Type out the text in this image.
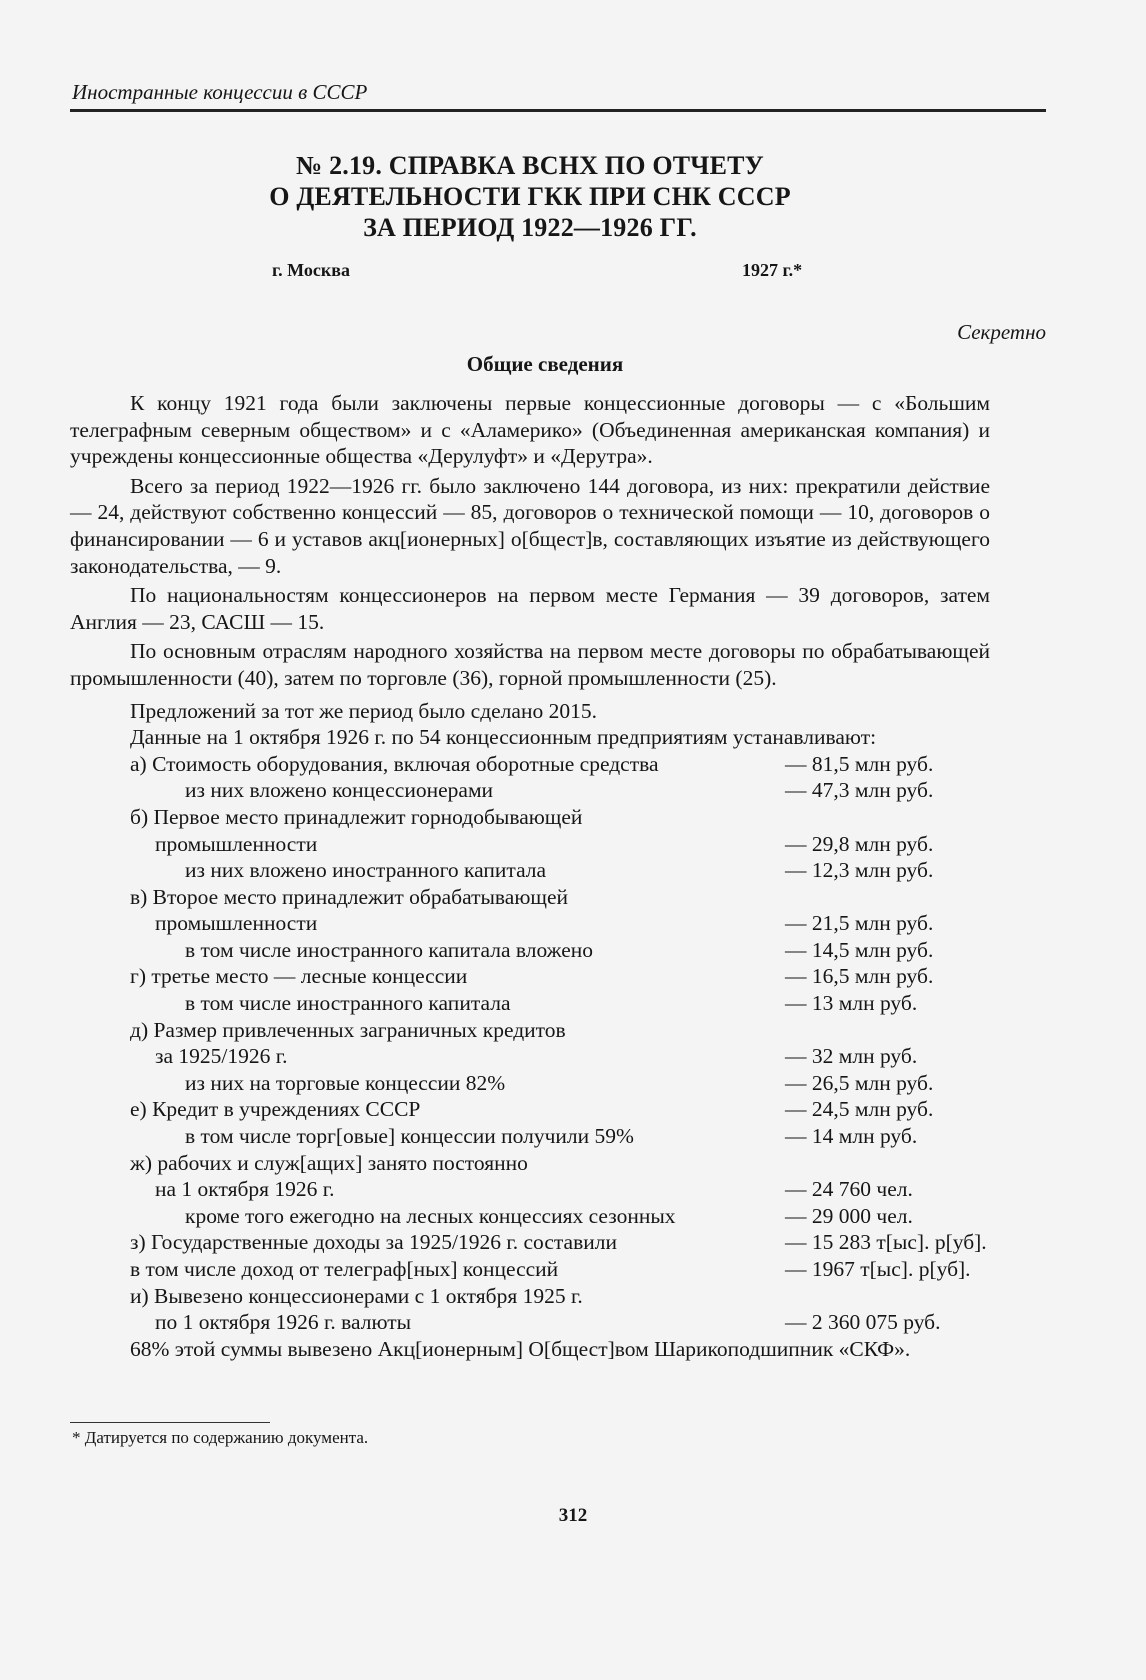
Иностранные концессии в СССР
№ 2.19. СПРАВКА ВСНХ ПО ОТЧЕТУ
О ДЕЯТЕЛЬНОСТИ ГКК ПРИ СНК СССР
ЗА ПЕРИОД 1922—1926 ГГ.
г. Москва	1927 г.*
Секретно
Общие сведения

К концу 1921 года были заключены первые концессионные договоры — с «Большим телеграфным северным обществом» и с «Аламерико» (Объединенная американская компания) и учреждены концессионные общества «Дерулуфт» и «Дерутра».

Всего за период 1922—1926 гг. было заключено 144 договора, из них: прекратили действие — 24, действуют собственно концессий — 85, договоров о технической помощи — 10, договоров о финансировании — 6 и уставов акц[ионерных] о[бщест]в, составляющих изъятие из действующего законодательства, — 9.

По национальностям концессионеров на первом месте Германия — 39 договоров, затем Англия — 23, САСШ — 15.

По основным отраслям народного хозяйства на первом месте договоры по обрабатывающей промышленности (40), затем по торговле (36), горной промышленности (25).

Предложений за тот же период было сделано 2015.
Данные на 1 октября 1926 г. по 54 концессионным предприятиям устанавливают:
а) Стоимость оборудования, включая оборотные средства	— 81,5 млн руб.
из них вложено концессионерами	— 47,3 млн руб.
б) Первое место принадлежит горнодобывающей
промышленности	— 29,8 млн руб.
из них вложено иностранного капитала	— 12,3 млн руб.
в) Второе место принадлежит обрабатывающей
промышленности	— 21,5 млн руб.
в том числе иностранного капитала вложено	— 14,5 млн руб.
г) третье место — лесные концессии	— 16,5 млн руб.
в том числе иностранного капитала	— 13 млн руб.
д) Размер привлеченных заграничных кредитов
за 1925/1926 г.	— 32 млн руб.
из них на торговые концессии 82%	— 26,5 млн руб.
е) Кредит в учреждениях СССР	— 24,5 млн руб.
в том числе торг[овые] концессии получили 59%	— 14 млн руб.
ж) рабочих и служ[ащих] занято постоянно
на 1 октября 1926 г.	— 24 760 чел.
кроме того ежегодно на лесных концессиях сезонных	— 29 000 чел.
з) Государственные доходы за 1925/1926 г. составили	— 15 283 т[ыс]. р[уб].
в том числе доход от телеграф[ных] концессий	— 1967 т[ыс]. р[уб].
и) Вывезено концессионерами с 1 октября 1925 г.
по 1 октября 1926 г. валюты	— 2 360 075 руб.
68% этой суммы вывезено Акц[ионерным] О[бщест]вом Шарикоподшипник «СКФ».
* Датируется по содержанию документа.
312
